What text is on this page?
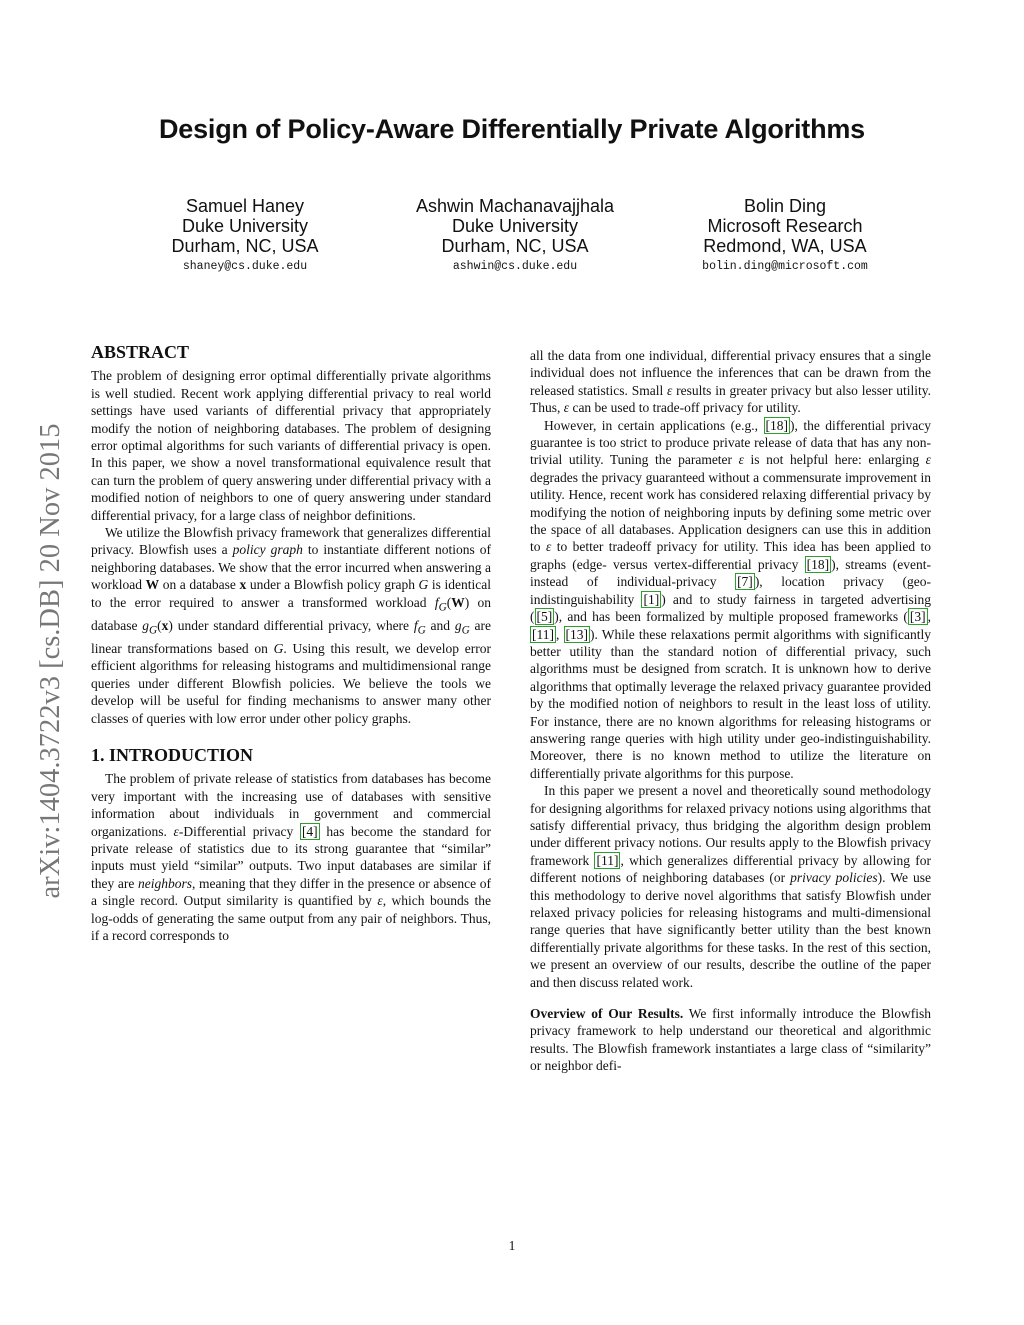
Design of Policy-Aware Differentially Private Algorithms
Samuel Haney
Duke University
Durham, NC, USA
shaney@cs.duke.edu
Ashwin Machanavajjhala
Duke University
Durham, NC, USA
ashwin@cs.duke.edu
Bolin Ding
Microsoft Research
Redmond, WA, USA
bolin.ding@microsoft.com
arXiv:1404.3722v3 [cs.DB] 20 Nov 2015
ABSTRACT

The problem of designing error optimal differentially private algorithms is well studied. Recent work applying differential privacy to real world settings have used variants of differential privacy that appropriately modify the notion of neighboring databases. The problem of designing error optimal algorithms for such variants of differential privacy is open. In this paper, we show a novel transformational equivalence result that can turn the problem of query answering under differential privacy with a modified notion of neighbors to one of query answering under standard differential privacy, for a large class of neighbor definitions.

We utilize the Blowfish privacy framework that generalizes differential privacy. Blowfish uses a policy graph to instantiate different notions of neighboring databases. We show that the error incurred when answering a workload W on a database x under a Blowfish policy graph G is identical to the error required to answer a transformed workload $f_G(W)$ on database $g_G(x)$ under standard differential privacy, where $f_G$ and $g_G$ are linear transformations based on G. Using this result, we develop error efficient algorithms for releasing histograms and multidimensional range queries under different Blowfish policies. We believe the tools we develop will be useful for finding mechanisms to answer many other classes of queries with low error under other policy graphs.

1. INTRODUCTION

The problem of private release of statistics from databases has become very important with the increasing use of databases with sensitive information about individuals in government and commercial organizations. ε-Differential privacy [4] has become the standard for private release of statistics due to its strong guarantee that “similar” inputs must yield “similar” outputs. Two input databases are similar if they are neighbors, meaning that they differ in the presence or absence of a single record. Output similarity is quantified by ε, which bounds the log-odds of generating the same output from any pair of neighbors. Thus, if a record corresponds to

all the data from one individual, differential privacy ensures that a single individual does not influence the inferences that can be drawn from the released statistics. Small ε results in greater privacy but also lesser utility. Thus, ε can be used to trade-off privacy for utility.

However, in certain applications (e.g., [18] ), the differential privacy guarantee is too strict to produce private release of data that has any non-trivial utility. Tuning the parameter ε is not helpful here: enlarging ε degrades the privacy guaranteed without a commensurate improvement in utility. Hence, recent work has considered relaxing differential privacy by modifying the notion of neighboring inputs by defining some metric over the space of all databases. Application designers can use this in addition to ε to better tradeoff privacy for utility. This idea has been applied to graphs (edge- versus vertex-differential privacy [18] ), streams (event- instead of individual-privacy [7] ), location privacy (geo-indistinguishability [1] ) and to study fairness in targeted advertising ( [5] ), and has been formalized by multiple proposed frameworks ( [3] , [11] , [13] ). While these relaxations permit algorithms with significantly better utility than the standard notion of differential privacy, such algorithms must be designed from scratch. It is unknown how to derive algorithms that optimally leverage the relaxed privacy guarantee provided by the modified notion of neighbors to result in the least loss of utility. For instance, there are no known algorithms for releasing histograms or answering range queries with high utility under geo-indistinguishability. Moreover, there is no known method to utilize the literature on differentially private algorithms for this purpose.

In this paper we present a novel and theoretically sound methodology for designing algorithms for relaxed privacy notions using algorithms that satisfy differential privacy, thus bridging the algorithm design problem under different privacy notions. Our results apply to the Blowfish privacy framework [11] , which generalizes differential privacy by allowing for different notions of neighboring databases (or privacy policies). We use this methodology to derive novel algorithms that satisfy Blowfish under relaxed privacy policies for releasing histograms and multi-dimensional range queries that have significantly better utility than the best known differentially private algorithms for these tasks. In the rest of this section, we present an overview of our results, describe the outline of the paper and then discuss related work.

Overview of Our Results. We first informally introduce the Blowfish privacy framework to help understand our theoretical and algorithmic results. The Blowfish framework instantiates a large class of “similarity” or neighbor defi-

1
